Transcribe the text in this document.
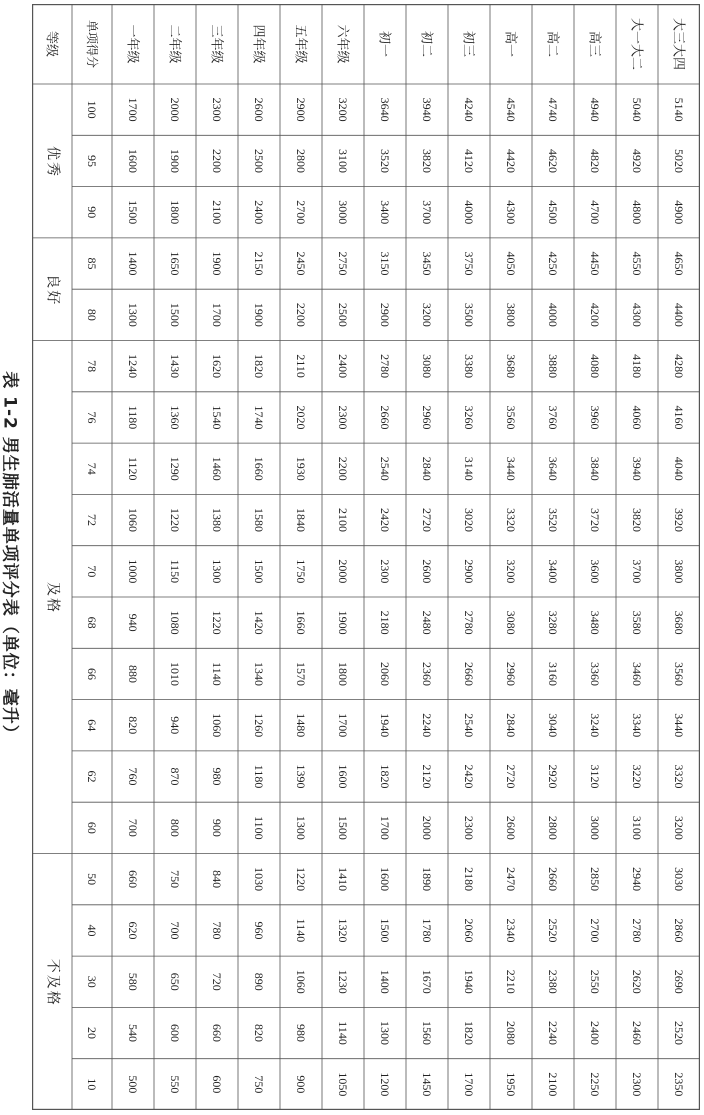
表 1-2 男生肺活量单项评分表（单位：毫升）
优
秀
良
好
及
格
不
及
格
等级 单项得分 一年级 二年级 三年级 四年级 五年级 六年级 初一 初二 初三 高一 高二 高三 大一大二 大三大四
100 1700 2000 2300 2600 2900 3200 3640 3940 4240 4540 4740 4940 5040 5140
95 1600 1900 2200 2500 2800 3100 3520 3820 4120 4420 4620 4820 4920 5020
90 1500 1800 2100 2400 2700 3000 3400 3700 4000 4300 4500 4700 4800 4900
85 1400 1650 1900 2150 2450 2750 3150 3450 3750 4050 4250 4450 4550 4650
80 1300 1500 1700 1900 2200 2500 2900 3200 3500 3800 4000 4200 4300 4400
78 1240 1430 1620 1820 2110 2400 2780 3080 3380 3680 3880 4080 4180 4280
76 1180 1360 1540 1740 2020 2300 2660 2960 3260 3560 3760 3960 4060 4160
74 1120 1290 1460 1660 1930 2200 2540 2840 3140 3440 3640 3840 3940 4040
72 1060 1220 1380 1580 1840 2100 2420 2720 3020 3320 3520 3720 3820 3920
70 1000 1150 1300 1500 1750 2000 2300 2600 2900 3200 3400 3600 3700 3800
68 940 1080 1220 1420 1660 1900 2180 2480 2780 3080 3280 3480 3580 3680
66 880 1010 1140 1340 1570 1800 2060 2360 2660 2960 3160 3360 3460 3560
64 820 940 1060 1260 1480 1700 1940 2240 2540 2840 3040 3240 3340 3440
62 760 870 980 1180 1390 1600 1820 2120 2420 2720 2920 3120 3220 3320
60 700 800 900 1100 1300 1500 1700 2000 2300 2600 2800 3000 3100 3200
50 660 750 840 1030 1220 1410 1600 1890 2180 2470 2660 2850 2940 3030
40 620 700 780 960 1140 1320 1500 1780 2060 2340 2520 2700 2780 2860
30 580 650 720 890 1060 1230 1400 1670 1940 2210 2380 2550 2620 2690
20 540 600 660 820 980 1140 1300 1560 1820 2080 2240 2400 2460 2520
10 500 550 600 750 900 1050 1200 1450 1700 1950 2100 2250 2300 2350
